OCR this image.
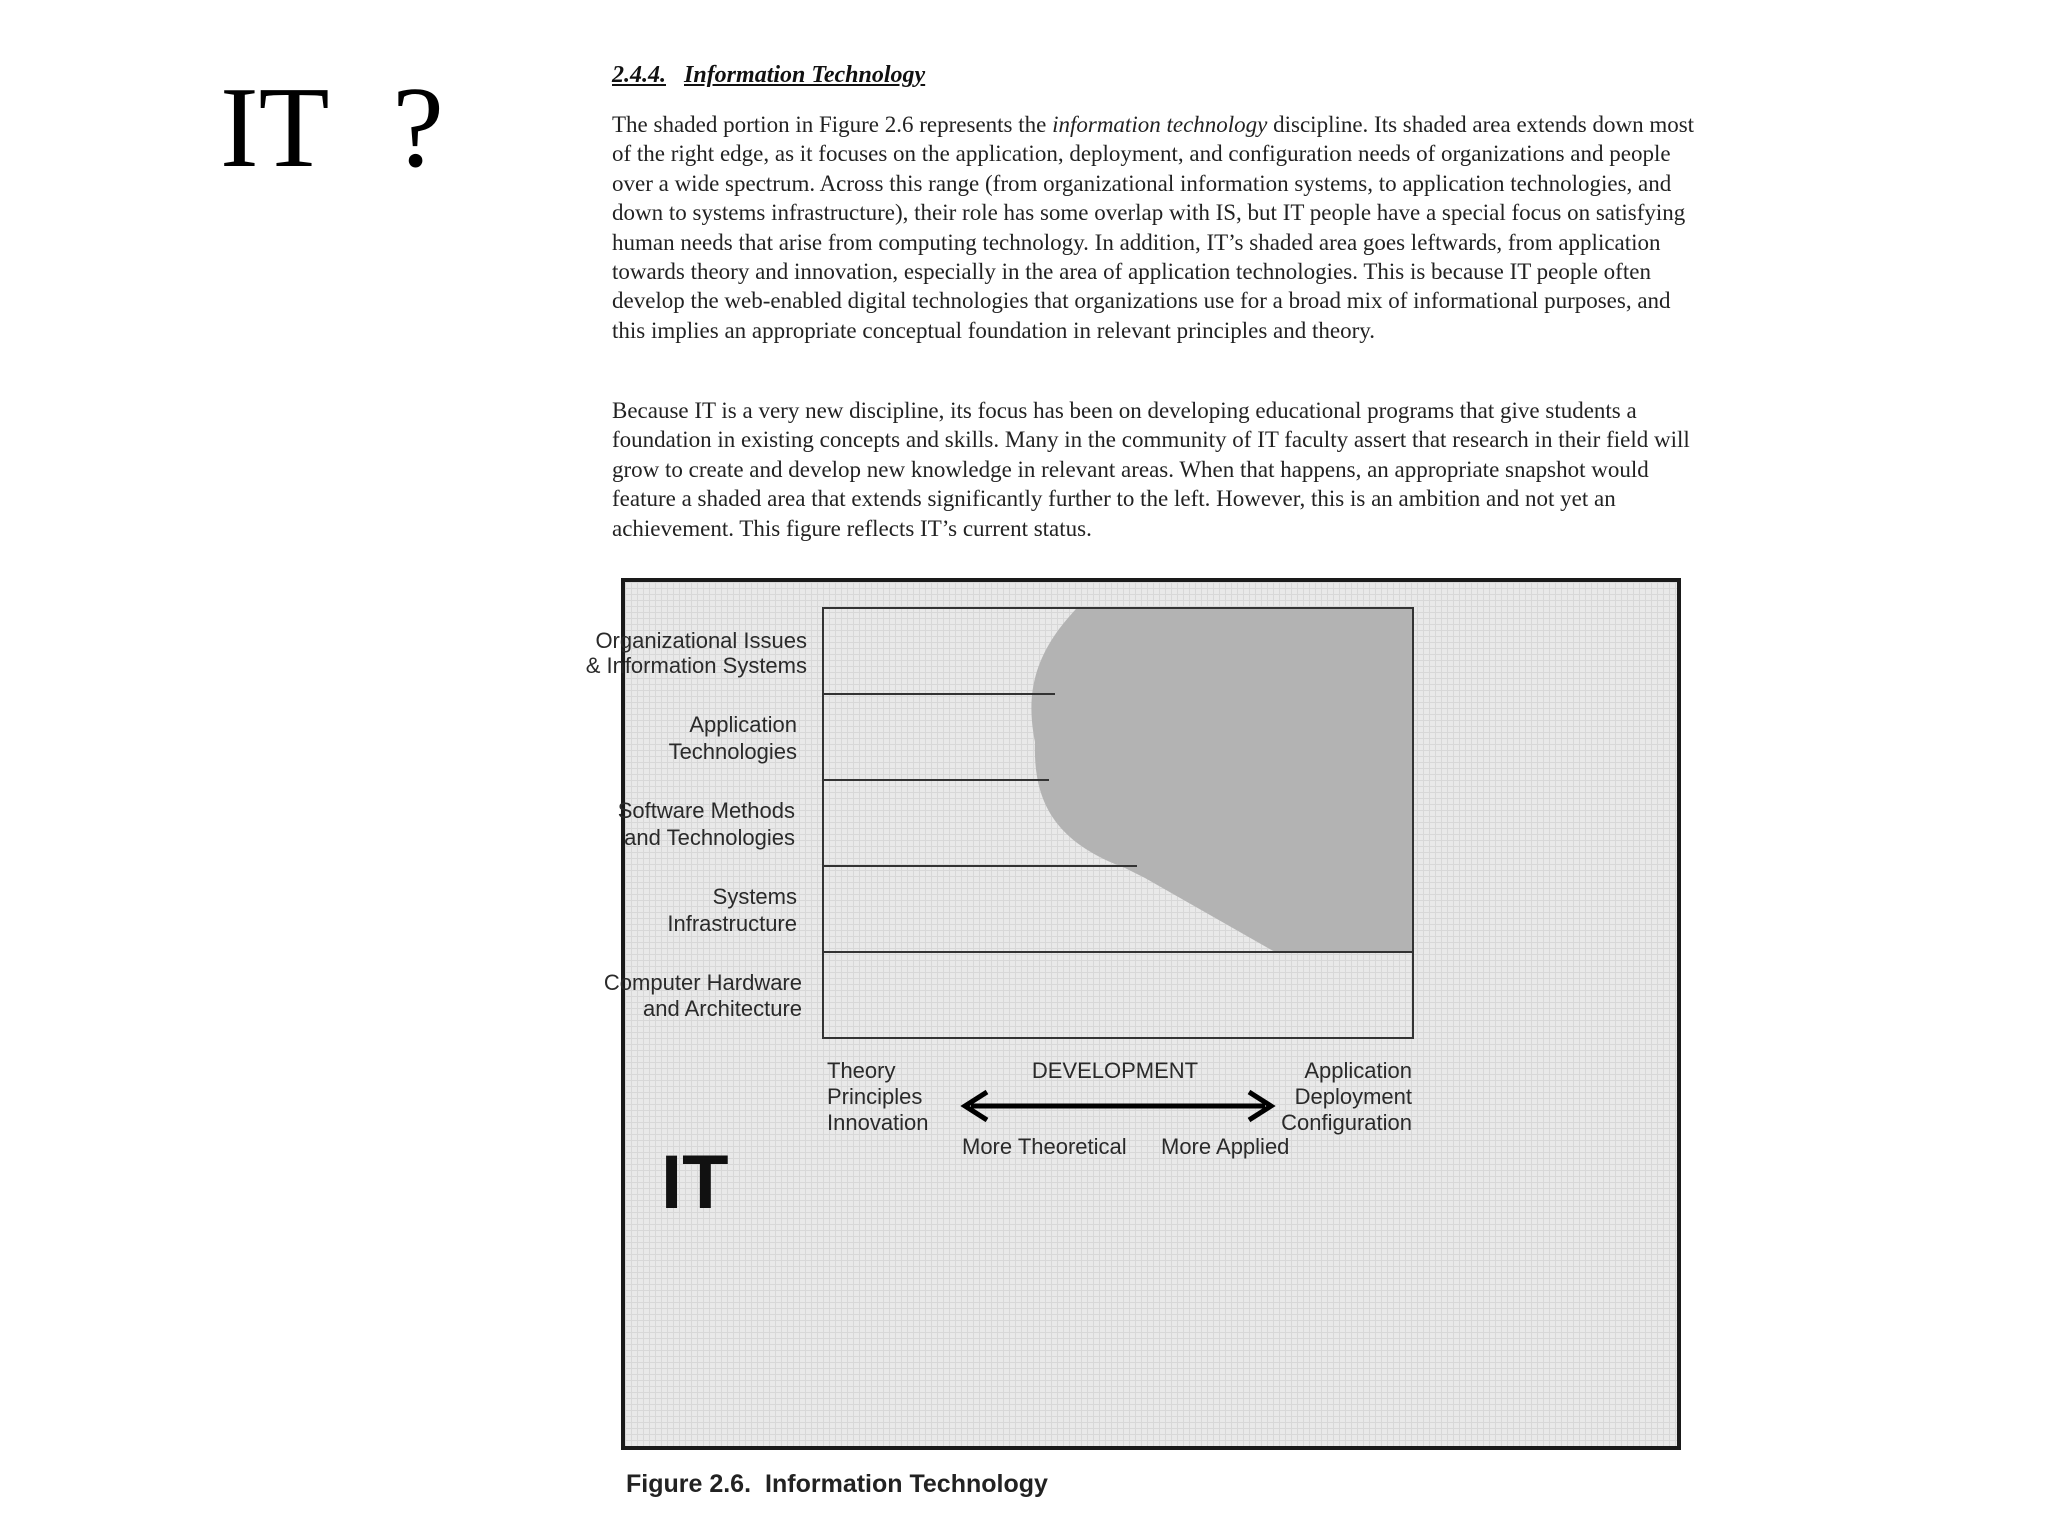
IT ?	2.4.4. Information Technology

The shaded portion in Figure 2.6 represents the information technology discipline. Its shaded area extends down most of the right edge, as it focuses on the application, deployment, and configuration needs of organizations and people over a wide spectrum. Across this range (from organizational information systems, to application technologies, and down to systems infrastructure), their role has some overlap with IS, but IT people have a special focus on satisfying human needs that arise from computing technology. In addition, IT’s shaded area goes leftwards, from application towards theory and innovation, especially in the area of application technologies. This is because IT people often develop the web-enabled digital technologies that organizations use for a broad mix of informational purposes, and this implies an appropriate conceptual foundation in relevant principles and theory.

Because IT is a very new discipline, its focus has been on developing educational programs that give students a foundation in existing concepts and skills. Many in the community of IT faculty assert that research in their field will grow to create and develop new knowledge in relevant areas. When that happens, an appropriate snapshot would feature a shaded area that extends significantly further to the left. However, this is an ambition and not yet an achievement. This figure reflects IT’s current status.

Organizational Issues & Information Systems
Application Technologies
Software Methods and Technologies
Systems Infrastructure
Computer Hardware and Architecture
Theory Principles Innovation
DEVELOPMENT	Application Deployment Configuration
More Theoretical More Applied
IT

Figure 2.6. Information Technology
